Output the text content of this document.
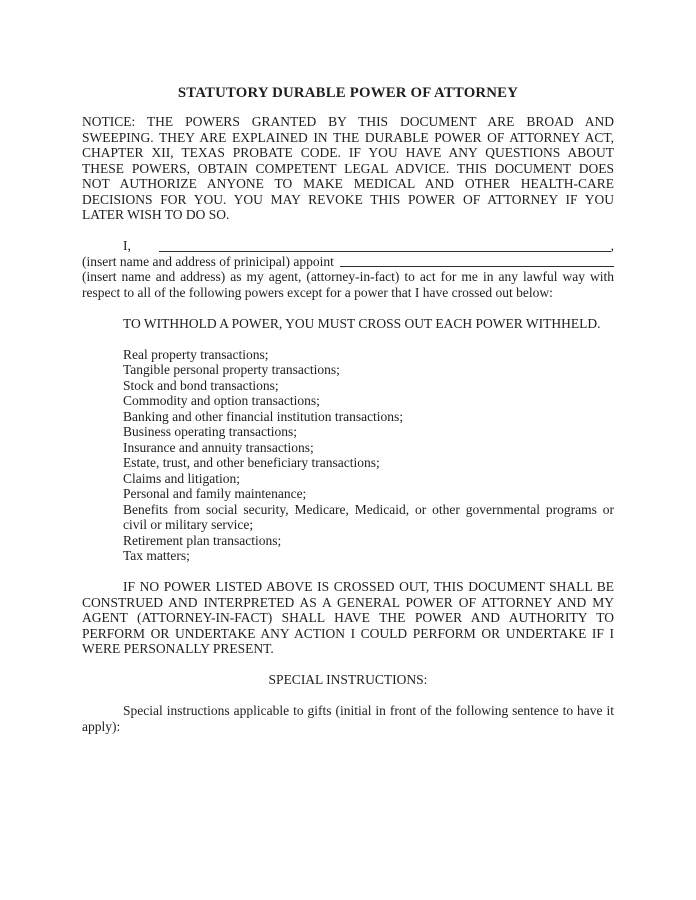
STATUTORY DURABLE POWER OF ATTORNEY
NOTICE: THE POWERS GRANTED BY THIS DOCUMENT ARE BROAD AND
SWEEPING. THEY ARE EXPLAINED IN THE DURABLE POWER OF ATTORNEY ACT,
CHAPTER XII, TEXAS PROBATE CODE. IF YOU HAVE ANY QUESTIONS ABOUT
THESE POWERS, OBTAIN COMPETENT LEGAL ADVICE. THIS DOCUMENT DOES
NOT AUTHORIZE ANYONE TO MAKE MEDICAL AND OTHER HEALTH-CARE
DECISIONS FOR YOU. YOU MAY REVOKE THIS POWER OF ATTORNEY IF YOU
LATER WISH TO DO SO.
I,	,
(insert name and address of prinicipal) appoint
(insert name and address) as my agent, (attorney-in-fact) to act for me in any lawful way with
respect to all of the following powers except for a power that I have crossed out below:
TO WITHHOLD A POWER, YOU MUST CROSS OUT EACH POWER WITHHELD.
Real property transactions;
Tangible personal property transactions;
Stock and bond transactions;
Commodity and option transactions;
Banking and other financial institution transactions;
Business operating transactions;
Insurance and annuity transactions;
Estate, trust, and other beneficiary transactions;
Claims and litigation;
Personal and family maintenance;
Benefits from social security, Medicare, Medicaid, or other governmental programs or
civil or military service;
Retirement plan transactions;
Tax matters;
IF NO POWER LISTED ABOVE IS CROSSED OUT, THIS DOCUMENT SHALL BE
CONSTRUED AND INTERPRETED AS A GENERAL POWER OF ATTORNEY AND MY
AGENT (ATTORNEY-IN-FACT) SHALL HAVE THE POWER AND AUTHORITY TO
PERFORM OR UNDERTAKE ANY ACTION I COULD PERFORM OR UNDERTAKE IF I
WERE PERSONALLY PRESENT.
SPECIAL INSTRUCTIONS:
Special instructions applicable to gifts (initial in front of the following sentence to have it
apply):
